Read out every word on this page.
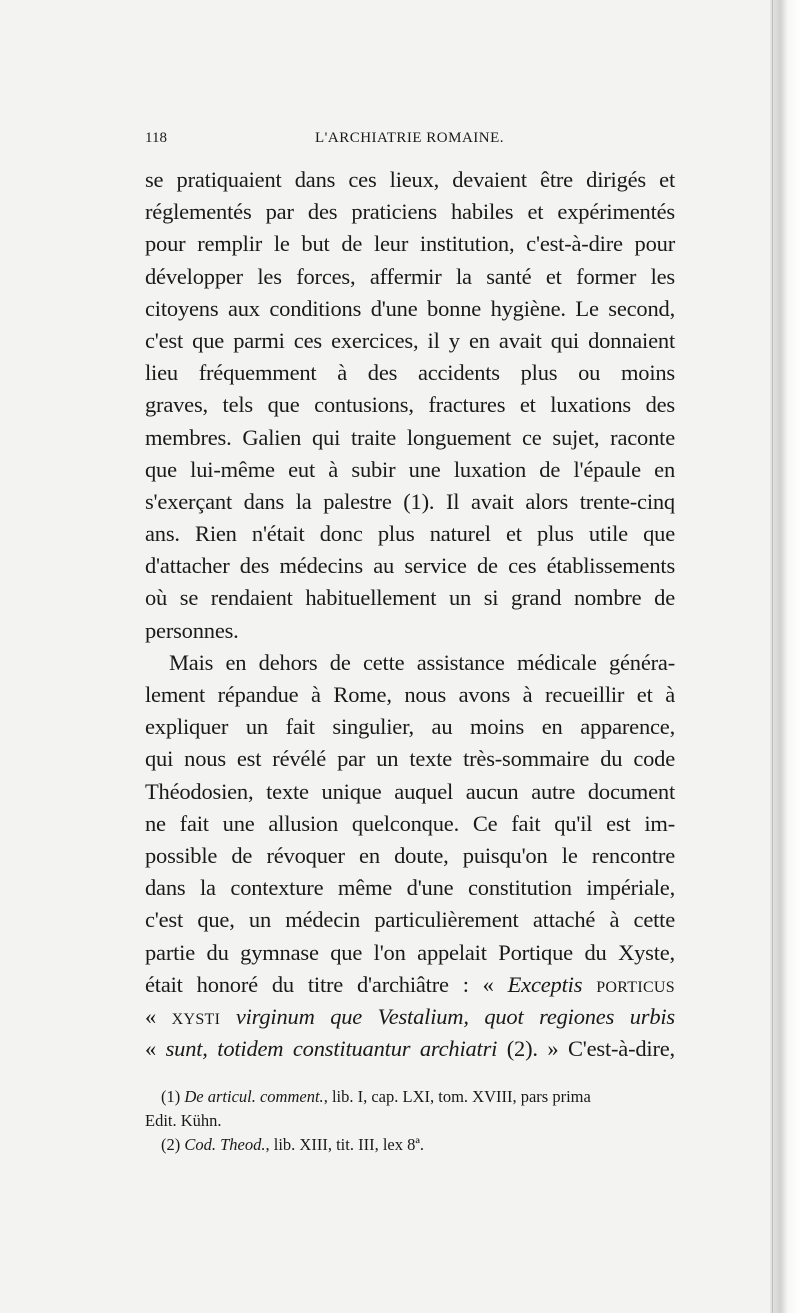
118	L'ARCHIATRIE ROMAINE.
se pratiquaient dans ces lieux, devaient être dirigés et
réglementés par des praticiens habiles et expérimentés
pour remplir le but de leur institution, c'est-à-dire pour
développer les forces, affermir la santé et former les
citoyens aux conditions d'une bonne hygiène. Le second,
c'est que parmi ces exercices, il y en avait qui donnaient
lieu fréquemment à des accidents plus ou moins
graves, tels que contusions, fractures et luxations des
membres. Galien qui traite longuement ce sujet, raconte
que lui-même eut à subir une luxation de l'épaule en
s'exerçant dans la palestre (1). Il avait alors trente-cinq
ans. Rien n'était donc plus naturel et plus utile que
d'attacher des médecins au service de ces établissements
où se rendaient habituellement un si grand nombre de
personnes.
Mais en dehors de cette assistance médicale généra-
lement répandue à Rome, nous avons à recueillir et à
expliquer un fait singulier, au moins en apparence,
qui nous est révélé par un texte très-sommaire du code
Théodosien, texte unique auquel aucun autre document
ne fait une allusion quelconque. Ce fait qu'il est im-
possible de révoquer en doute, puisqu'on le rencontre
dans la contexture même d'une constitution impériale,
c'est que, un médecin particulièrement attaché à cette
partie du gymnase que l'on appelait Portique du Xyste,
était honoré du titre d'archiâtre : « Exceptis porticus
« xysti virginum que Vestalium, quot regiones urbis
« sunt, totidem constituantur archiatri (2). » C'est-à-dire,
(1) De articul. comment., lib. I, cap. LXI, tom. XVIII, pars prima
Edit. Kühn.
(2) Cod. Theod., lib. XIII, tit. III, lex 8ª.
